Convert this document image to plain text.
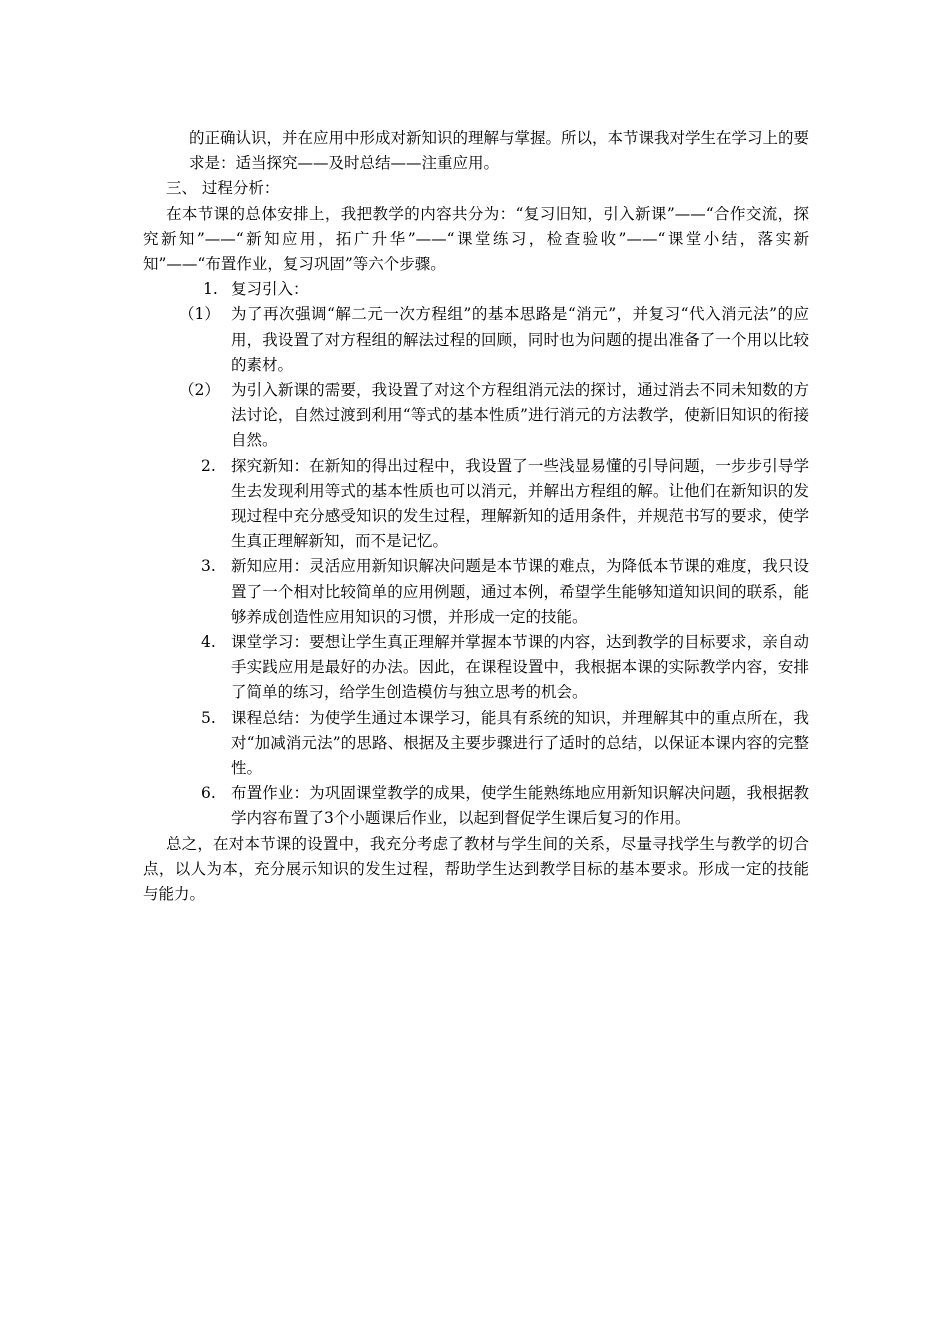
的正确认识，并在应用中形成对新知识的理解与掌握。所以，本节课我对学生在学习上的要求是：适当探究——及时总结——注重应用。

三、 过程分析：

在本节课的总体安排上，我把教学的内容共分为：“复习旧知，引入新课”——“合作交流，探究新知”——“新知应用，拓广升华”——“课堂练习，检查验收”——“课堂小结，落实新知”——“布置作业，复习巩固”等六个步骤。

1. 复习引入：
（1） 为了再次强调“解二元一次方程组”的基本思路是“消元”，并复习“代入消元法”的应用，我设置了对方程组的解法过程的回顾，同时也为问题的提出准备了一个用以比较的素材。
（2） 为引入新课的需要，我设置了对这个方程组消元法的探讨，通过消去不同未知数的方法讨论，自然过渡到利用“等式的基本性质”进行消元的方法教学，使新旧知识的衔接自然。
2. 探究新知：在新知的得出过程中，我设置了一些浅显易懂的引导问题，一步步引导学生去发现利用等式的基本性质也可以消元，并解出方程组的解。让他们在新知识的发现过程中充分感受知识的发生过程，理解新知的适用条件，并规范书写的要求，使学生真正理解新知，而不是记忆。
3. 新知应用：灵活应用新知识解决问题是本节课的难点，为降低本节课的难度，我只设置了一个相对比较简单的应用例题，通过本例，希望学生能够知道知识间的联系，能够养成创造性应用知识的习惯，并形成一定的技能。
4. 课堂学习：要想让学生真正理解并掌握本节课的内容，达到教学的目标要求，亲自动手实践应用是最好的办法。因此，在课程设置中，我根据本课的实际教学内容，安排了简单的练习，给学生创造模仿与独立思考的机会。
5. 课程总结：为使学生通过本课学习，能具有系统的知识，并理解其中的重点所在，我对“加减消元法”的思路、根据及主要步骤进行了适时的总结，以保证本课内容的完整性。
6. 布置作业：为巩固课堂教学的成果，使学生能熟练地应用新知识解决问题，我根据教学内容布置了3个小题课后作业，以起到督促学生课后复习的作用。

总之，在对本节课的设置中，我充分考虑了教材与学生间的关系，尽量寻找学生与教学的切合点，以人为本，充分展示知识的发生过程，帮助学生达到教学目标的基本要求。形成一定的技能与能力。
